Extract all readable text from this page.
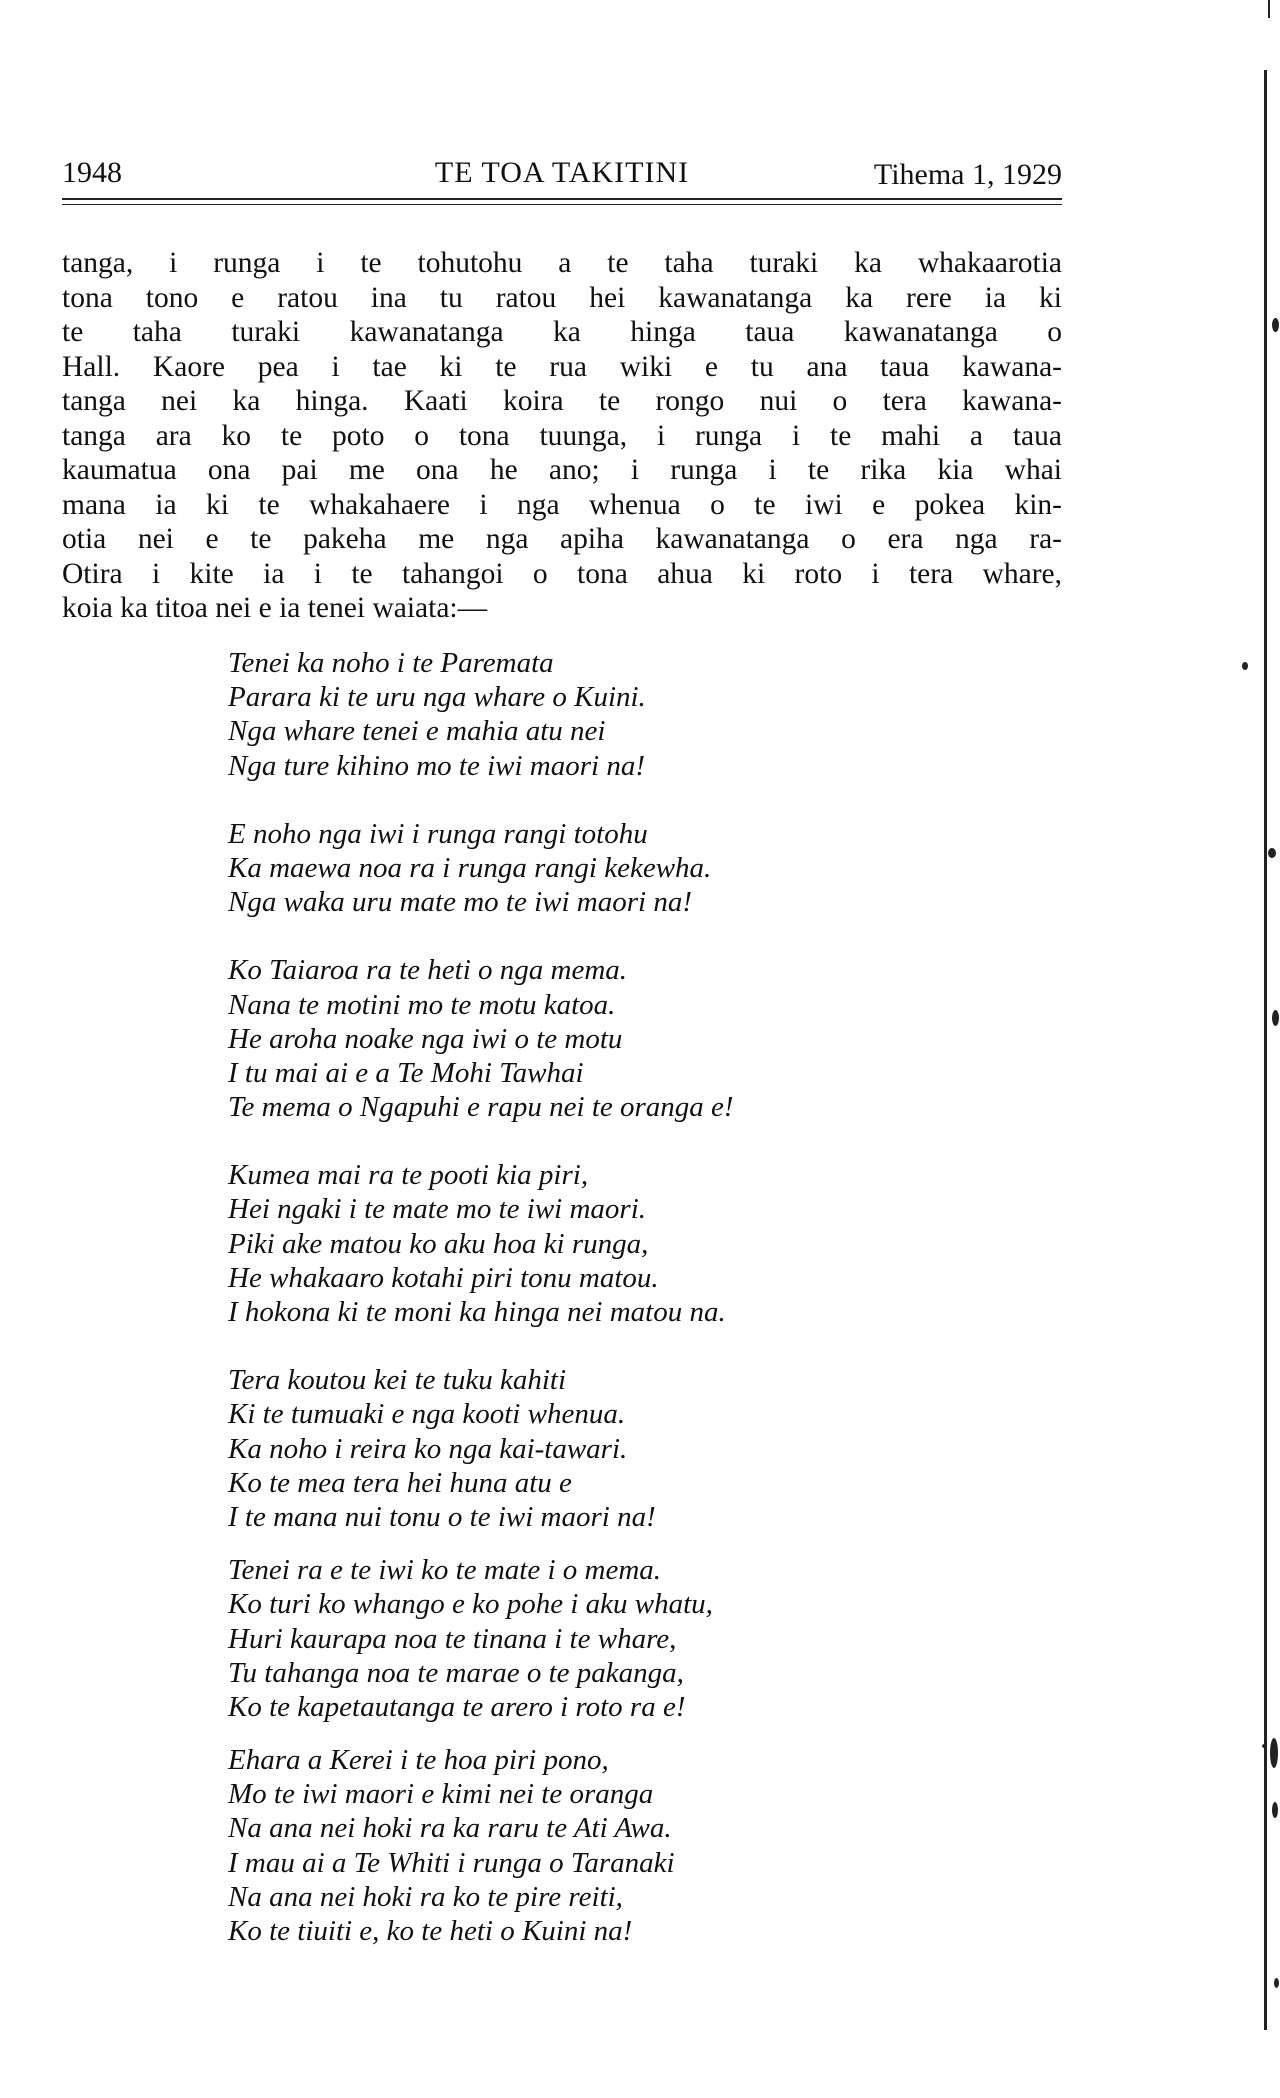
1948	TE TOA TAKITINI	Tihema 1, 1929
tanga, i runga i te tohutohu a te taha turaki ka whakaarotia
tona tono e ratou ina tu ratou hei kawanatanga ka rere ia ki
te taha turaki kawanatanga ka hinga taua kawanatanga o
Hall. Kaore pea i tae ki te rua wiki e tu ana taua kawana-
tanga nei ka hinga. Kaati koira te rongo nui o tera kawana-
tanga ara ko te poto o tona tuunga, i runga i te mahi a taua
kaumatua ona pai me ona he ano; i runga i te rika kia whai
mana ia ki te whakahaere i nga whenua o te iwi e pokea kin-
otia nei e te pakeha me nga apiha kawanatanga o era nga ra-
Otira i kite ia i te tahangoi o tona ahua ki roto i tera whare,
koia ka titoa nei e ia tenei waiata:—
Tenei ka noho i te Paremata
Parara ki te uru nga whare o Kuini.
Nga whare tenei e mahia atu nei
Nga ture kihino mo te iwi maori na!
E noho nga iwi i runga rangi totohu
Ka maewa noa ra i runga rangi kekewha.
Nga waka uru mate mo te iwi maori na!
Ko Taiaroa ra te heti o nga mema.
Nana te motini mo te motu katoa.
He aroha noake nga iwi o te motu
I tu mai ai e a Te Mohi Tawhai
Te mema o Ngapuhi e rapu nei te oranga e!
Kumea mai ra te pooti kia piri,
Hei ngaki i te mate mo te iwi maori.
Piki ake matou ko aku hoa ki runga,
He whakaaro kotahi piri tonu matou.
I hokona ki te moni ka hinga nei matou na.
Tera koutou kei te tuku kahiti
Ki te tumuaki e nga kooti whenua.
Ka noho i reira ko nga kai-tawari.
Ko te mea tera hei huna atu e
I te mana nui tonu o te iwi maori na!
Tenei ra e te iwi ko te mate i o mema.
Ko turi ko whango e ko pohe i aku whatu,
Huri kaurapa noa te tinana i te whare,
Tu tahanga noa te marae o te pakanga,
Ko te kapetautanga te arero i roto ra e!
Ehara a Kerei i te hoa piri pono,
Mo te iwi maori e kimi nei te oranga
Na ana nei hoki ra ka raru te Ati Awa.
I mau ai a Te Whiti i runga o Taranaki
Na ana nei hoki ra ko te pire reiti,
Ko te tiuiti e, ko te heti o Kuini na!
